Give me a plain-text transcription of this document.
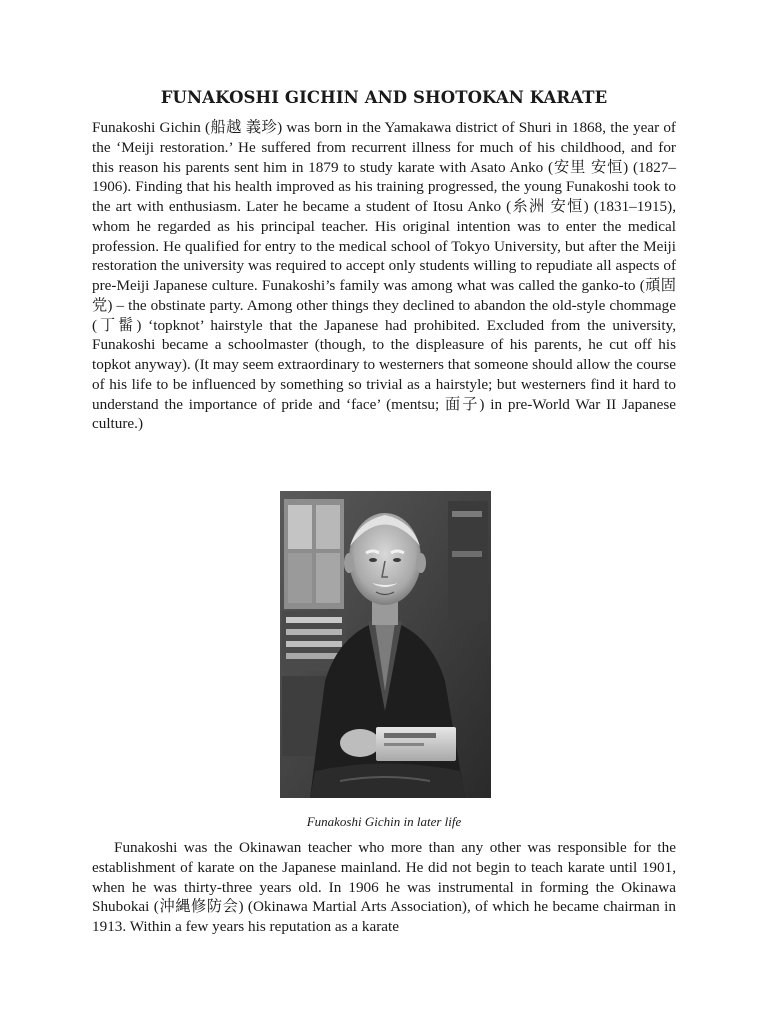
FUNAKOSHI GICHIN AND SHOTOKAN KARATE

Funakoshi Gichin (船越 義珍) was born in the Yamakawa district of Shuri in 1868, the year of the ‘Meiji restoration.’ He suffered from recurrent illness for much of his childhood, and for this reason his parents sent him in 1879 to study karate with Asato Anko (安里 安恒) (1827–1906). Finding that his health improved as his training progressed, the young Funakoshi took to the art with enthusiasm. Later he became a student of Itosu Anko (糸洲 安恒) (1831–1915), whom he regarded as his principal teacher. His original intention was to enter the medical profession. He qualified for entry to the medical school of Tokyo University, but after the Meiji restoration the university was required to accept only students willing to repudiate all aspects of pre-Meiji Japanese culture. Funakoshi’s family was among what was called the ganko-to (頑固党) – the obstinate party. Among other things they declined to abandon the old-style chommage (丁髷) ‘topknot’ hairstyle that the Japanese had prohibited. Excluded from the university, Funakoshi became a schoolmaster (though, to the displeasure of his parents, he cut off his topkot anyway). (It may seem extraordinary to westerners that someone should allow the course of his life to be influenced by something so trivial as a hairstyle; but westerners find it hard to understand the importance of pride and ‘face’ (mentsu; 面子) in pre-World War II Japanese culture.)

Funakoshi Gichin in later life

Funakoshi was the Okinawan teacher who more than any other was responsible for the establishment of karate on the Japanese mainland. He did not begin to teach karate until 1901, when he was thirty-three years old. In 1906 he was instrumental in forming the Okinawa Shubokai (沖縄修防会) (Okinawa Martial Arts Association), of which he became chairman in 1913. Within a few years his reputation as a karate
